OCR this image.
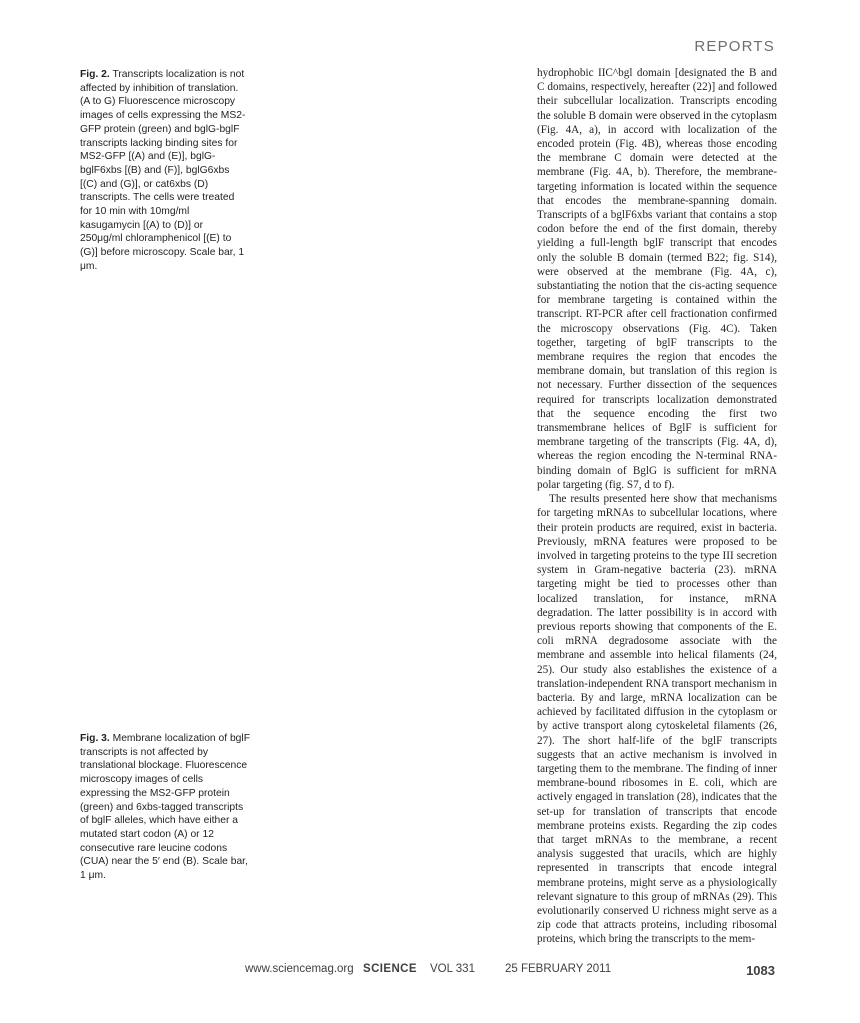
REPORTS
Fig. 2. Transcripts localization is not affected by inhibition of translation. (A to G) Fluorescence microscopy images of cells expressing the MS2-GFP protein (green) and bglG-bglF transcripts lacking binding sites for MS2-GFP [(A) and (E)], bglG-bglF6xbs [(B) and (F)], bglG6xbs [(C) and (G)], or cat6xbs (D) transcripts. The cells were treated for 10 min with 10mg/ml kasugamycin [(A) to (D)] or 250μg/ml chloramphenicol [(E) to (G)] before microscopy. Scale bar, 1 μm.
Fig. 3. Membrane localization of bglF transcripts is not affected by translational blockage. Fluorescence microscopy images of cells expressing the MS2-GFP protein (green) and 6xbs-tagged transcripts of bglF alleles, which have either a mutated start codon (A) or 12 consecutive rare leucine codons (CUA) near the 5′ end (B). Scale bar, 1 μm.

hydrophobic IIC^bgl domain [designated the B and C domains, respectively, hereafter (22)] and followed their subcellular localization. Transcripts encoding the soluble B domain were observed in the cytoplasm (Fig. 4A, a), in accord with localization of the encoded protein (Fig. 4B), whereas those encoding the membrane C domain were detected at the membrane (Fig. 4A, b). Therefore, the membrane-targeting information is located within the sequence that encodes the membrane-spanning domain. Transcripts of a bglF6xbs variant that contains a stop codon before the end of the first domain, thereby yielding a full-length bglF transcript that encodes only the soluble B domain (termed B22; fig. S14), were observed at the membrane (Fig. 4A, c), substantiating the notion that the cis-acting sequence for membrane targeting is contained within the transcript. RT-PCR after cell fractionation confirmed the microscopy observations (Fig. 4C). Taken together, targeting of bglF transcripts to the membrane requires the region that encodes the membrane domain, but translation of this region is not necessary. Further dissection of the sequences required for transcripts localization demonstrated that the sequence encoding the first two transmembrane helices of BglF is sufficient for membrane targeting of the transcripts (Fig. 4A, d), whereas the region encoding the N-terminal RNA-binding domain of BglG is sufficient for mRNA polar targeting (fig. S7, d to f).

The results presented here show that mechanisms for targeting mRNAs to subcellular locations, where their protein products are required, exist in bacteria. Previously, mRNA features were proposed to be involved in targeting proteins to the type III secretion system in Gram-negative bacteria (23). mRNA targeting might be tied to processes other than localized translation, for instance, mRNA degradation. The latter possibility is in accord with previous reports showing that components of the E. coli mRNA degradosome associate with the membrane and assemble into helical filaments (24, 25). Our study also establishes the existence of a translation-independent RNA transport mechanism in bacteria. By and large, mRNA localization can be achieved by facilitated diffusion in the cytoplasm or by active transport along cytoskeletal filaments (26, 27). The short half-life of the bglF transcripts suggests that an active mechanism is involved in targeting them to the membrane. The finding of inner membrane-bound ribosomes in E. coli, which are actively engaged in translation (28), indicates that the set-up for translation of transcripts that encode membrane proteins exists. Regarding the zip codes that target mRNAs to the membrane, a recent analysis suggested that uracils, which are highly represented in transcripts that encode integral membrane proteins, might serve as a physiologically relevant signature to this group of mRNAs (29). This evolutionarily conserved U richness might serve as a zip code that attracts proteins, including ribosomal proteins, which bring the transcripts to the mem-

www.sciencemag.org SCIENCE VOL 331	25 FEBRUARY 2011	1083
